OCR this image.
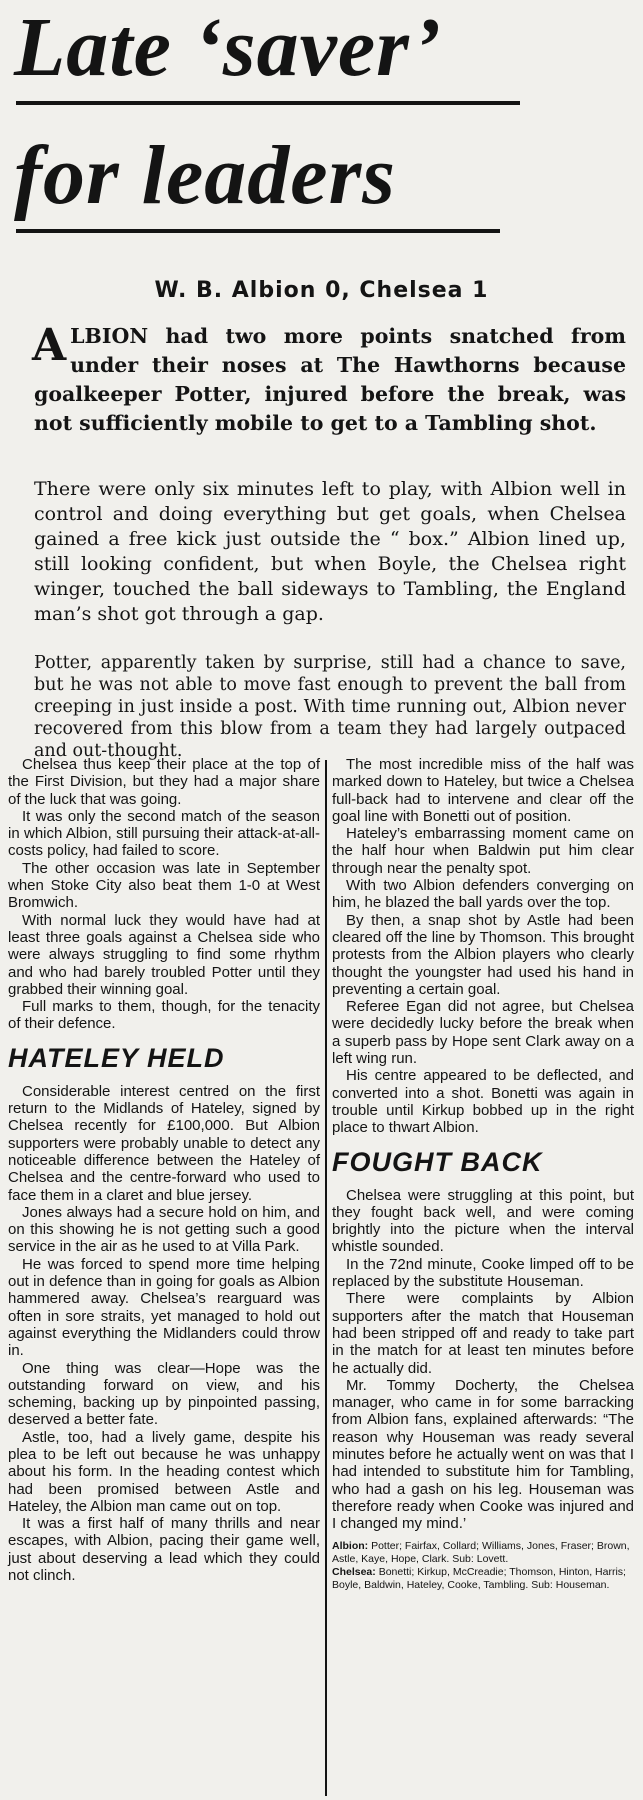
Late ‘saver’
for leaders
W. B. Albion 0, Chelsea 1
ALBION had two more points snatched from under their noses at The Hawthorns because goalkeeper Potter, injured before the break, was not sufficiently mobile to get to a Tambling shot.
There were only six minutes left to play, with Albion well in control and doing everything but get goals, when Chelsea gained a free kick just outside the “ box.” Albion lined up, still looking confident, but when Boyle, the Chelsea right winger, touched the ball sideways to Tambling, the England man’s shot got through a gap.
Potter, apparently taken by surprise, still had a chance to save, but he was not able to move fast enough to prevent the ball from creeping in just inside a post. With time running out, Albion never recovered from this blow from a team they had largely outpaced and out-thought.

Chelsea thus keep their place at the top of the First Division, but they had a major share of the luck that was going.

It was only the second match of the season in which Albion, still pursuing their attack-at-all-costs policy, had failed to score.

The other occasion was late in September when Stoke City also beat them 1-0 at West Bromwich.

With normal luck they would have had at least three goals against a Chelsea side who were always struggling to find some rhythm and who had barely troubled Potter until they grabbed their winning goal.

Full marks to them, though, for the tenacity of their defence.

HATELEY HELD

Considerable interest centred on the first return to the Midlands of Hateley, signed by Chelsea recently for £100,000. But Albion supporters were probably unable to detect any noticeable difference between the Hateley of Chelsea and the centre-forward who used to face them in a claret and blue jersey.

Jones always had a secure hold on him, and on this showing he is not getting such a good service in the air as he used to at Villa Park.

He was forced to spend more time helping out in defence than in going for goals as Albion hammered away. Chelsea’s rearguard was often in sore straits, yet managed to hold out against everything the Midlanders could throw in.

One thing was clear—Hope was the outstanding forward on view, and his scheming, backing up by pinpointed passing, deserved a better fate.

Astle, too, had a lively game, despite his plea to be left out because he was unhappy about his form. In the heading contest which had been promised between Astle and Hateley, the Albion man came out on top.

It was a first half of many thrills and near escapes, with Albion, pacing their game well, just about deserving a lead which they could not clinch.

The most incredible miss of the half was marked down to Hateley, but twice a Chelsea full-back had to intervene and clear off the goal line with Bonetti out of position.

Hateley’s embarrassing moment came on the half hour when Baldwin put him clear through near the penalty spot.

With two Albion defenders converging on him, he blazed the ball yards over the top.

By then, a snap shot by Astle had been cleared off the line by Thomson. This brought protests from the Albion players who clearly thought the youngster had used his hand in preventing a certain goal.

Referee Egan did not agree, but Chelsea were decidedly lucky before the break when a superb pass by Hope sent Clark away on a left wing run.

His centre appeared to be deflected, and converted into a shot. Bonetti was again in trouble until Kirkup bobbed up in the right place to thwart Albion.

FOUGHT BACK

Chelsea were struggling at this point, but they fought back well, and were coming brightly into the picture when the interval whistle sounded.

In the 72nd minute, Cooke limped off to be replaced by the substitute Houseman.

There were complaints by Albion supporters after the match that Houseman had been stripped off and ready to take part in the match for at least ten minutes before he actually did.

Mr. Tommy Docherty, the Chelsea manager, who came in for some barracking from Albion fans, explained afterwards: “The reason why Houseman was ready several minutes before he actually went on was that I had intended to substitute him for Tambling, who had a gash on his leg. Houseman was therefore ready when Cooke was injured and I changed my mind.’

Albion: Potter; Fairfax, Collard; Williams, Jones, Fraser; Brown, Astle, Kaye, Hope, Clark. Sub: Lovett.
Chelsea: Bonetti; Kirkup, McCreadie; Thomson, Hinton, Harris; Boyle, Baldwin, Hateley, Cooke, Tambling. Sub: Houseman.
